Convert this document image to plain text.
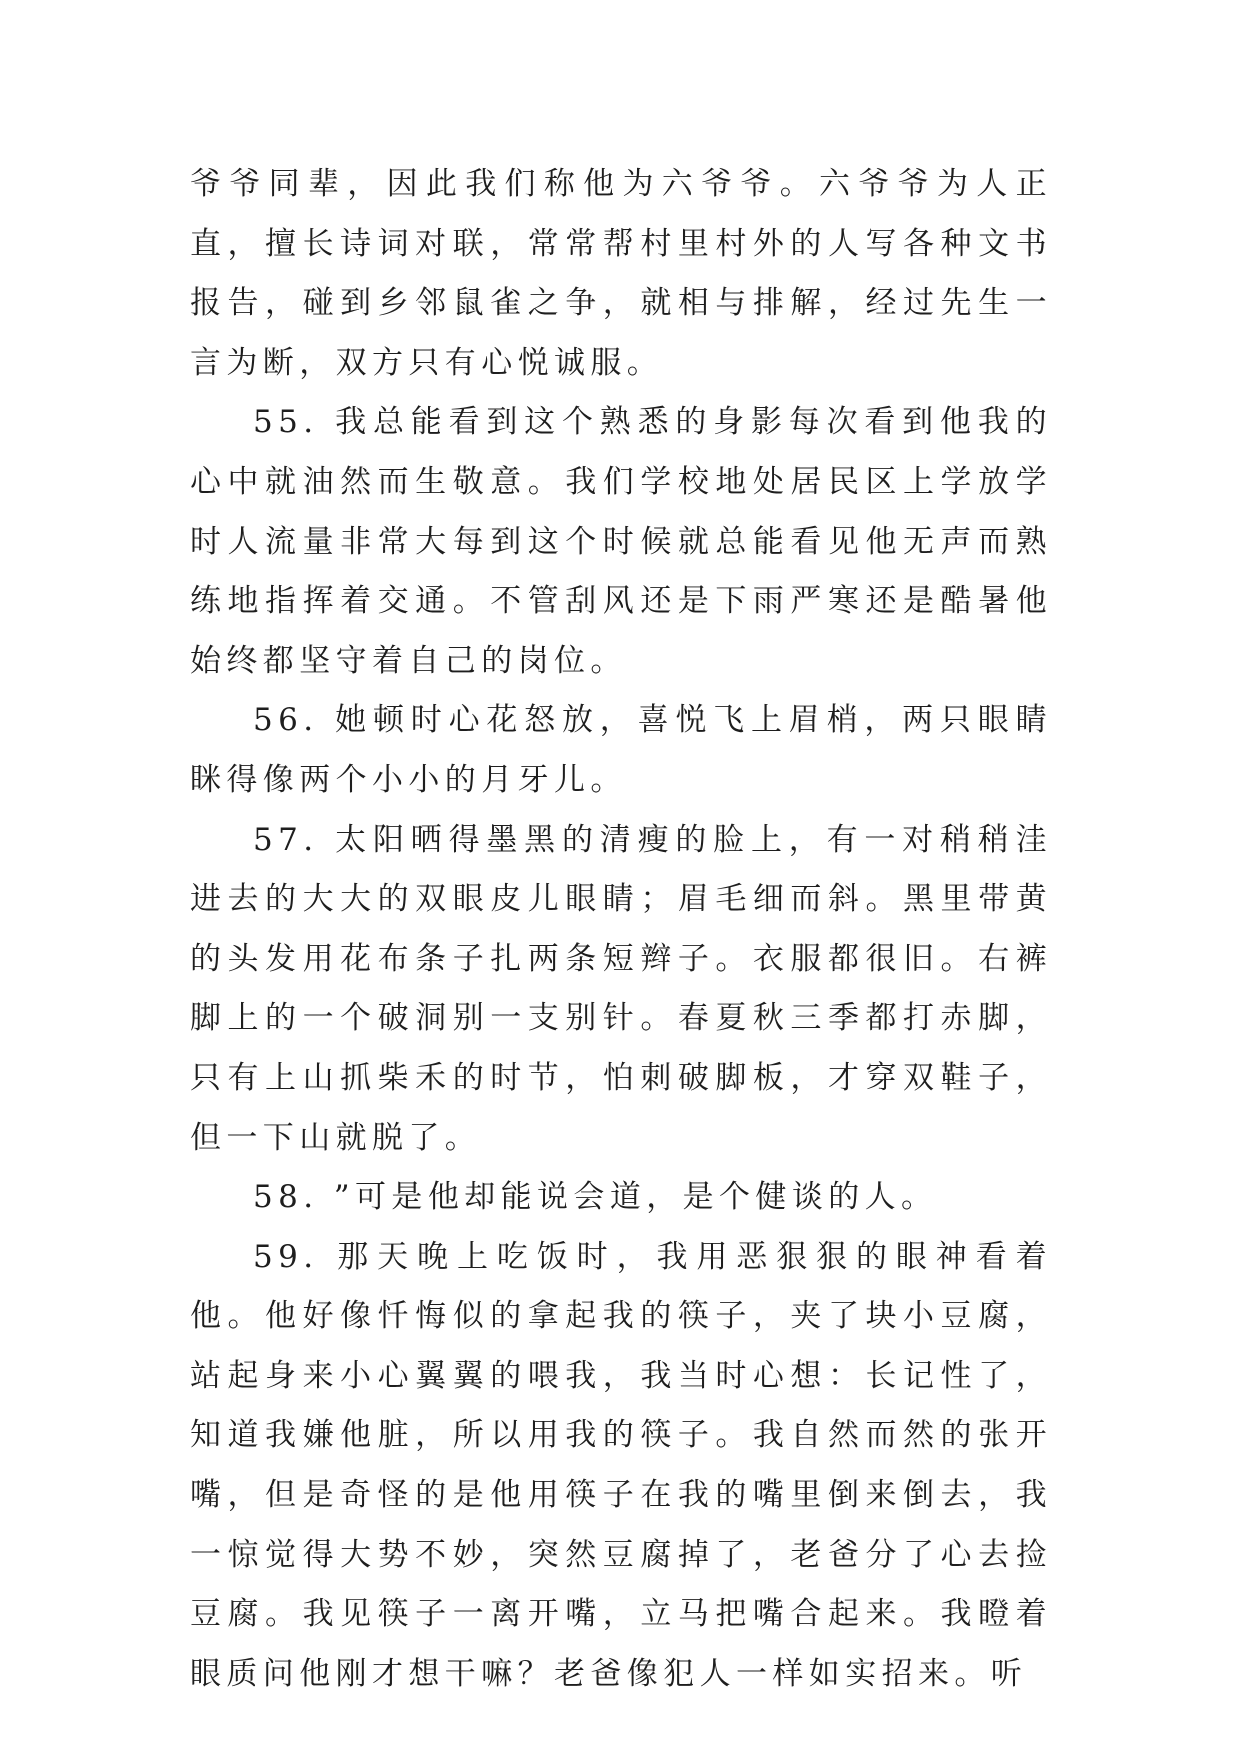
爷爷同辈，因此我们称他为六爷爷。六爷爷为人正直，擅长诗词对联，常常帮村里村外的人写各种文书报告，碰到乡邻鼠雀之争，就相与排解，经过先生一言为断，双方只有心悦诚服。

55. 我总能看到这个熟悉的身影每次看到他我的心中就油然而生敬意。我们学校地处居民区上学放学时人流量非常大每到这个时候就总能看见他无声而熟练地指挥着交通。不管刮风还是下雨严寒还是酷暑他始终都坚守着自己的岗位。

56. 她顿时心花怒放，喜悦飞上眉梢，两只眼睛眯得像两个小小的月牙儿。

57. 太阳晒得墨黑的清瘦的脸上，有一对稍稍洼进去的大大的双眼皮儿眼睛；眉毛细而斜。黑里带黄的头发用花布条子扎两条短辫子。衣服都很旧。右裤脚上的一个破洞别一支别针。春夏秋三季都打赤脚，只有上山抓柴禾的时节，怕刺破脚板，才穿双鞋子，但一下山就脱了。

58. ”可是他却能说会道，是个健谈的人。

59. 那天晚上吃饭时，我用恶狠狠的眼神看着他。他好像忏悔似的拿起我的筷子，夹了块小豆腐，站起身来小心翼翼的喂我，我当时心想：长记性了，知道我嫌他脏，所以用我的筷子。我自然而然的张开嘴，但是奇怪的是他用筷子在我的嘴里倒来倒去，我一惊觉得大势不妙，突然豆腐掉了，老爸分了心去捡豆腐。我见筷子一离开嘴，立马把嘴合起来。我瞪着眼质问他刚才想干嘛？老爸像犯人一样如实招来。听
